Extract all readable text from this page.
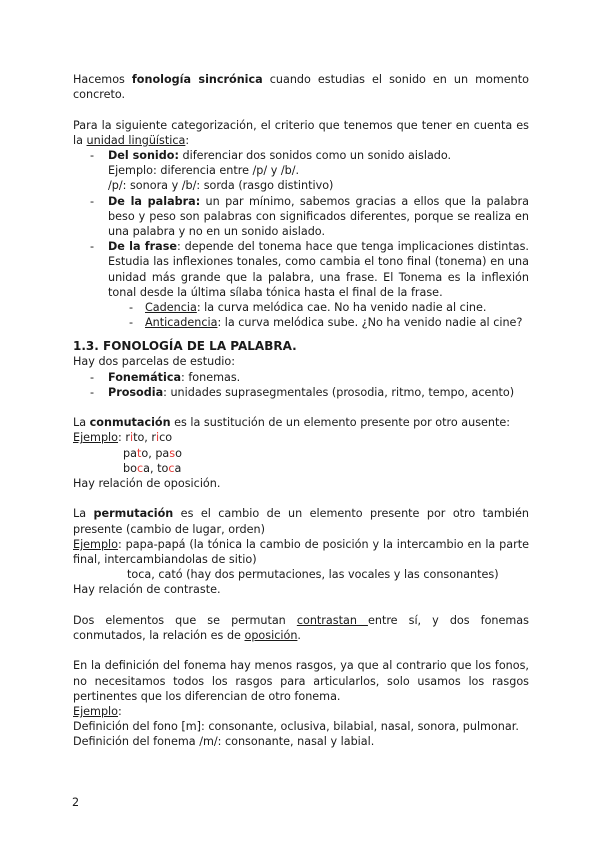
Hacemos fonología sincrónica cuando estudias el sonido en un momento concreto.

Para la siguiente categorización, el criterio que tenemos que tener en cuenta es la unidad lingüística:

- Del sonido: diferenciar dos sonidos como un sonido aislado.
Ejemplo: diferencia entre /p/ y /b/.
/p/: sonora y /b/: sorda (rasgo distintivo)
- De la palabra: un par mínimo, sabemos gracias a ellos que la palabra beso y peso son palabras con significados diferentes, porque se realiza en una palabra y no en un sonido aislado.
- De la frase: depende del tonema hace que tenga implicaciones distintas. Estudia las inflexiones tonales, como cambia el tono final (tonema) en una unidad más grande que la palabra, una frase. El Tonema es la inflexión tonal desde la última sílaba tónica hasta el final de la frase.
- Cadencia: la curva melódica cae. No ha venido nadie al cine.
- Anticadencia: la curva melódica sube. ¿No ha venido nadie al cine?
1.3. FONOLOGÍA DE LA PALABRA.

Hay dos parcelas de estudio:

- Fonemática: fonemas.
- Prosodia: unidades suprasegmentales (prosodia, ritmo, tempo, acento)

La conmutación es la sustitución de un elemento presente por otro ausente:

Ejemplo: rito, rico

pato, paso

boca, toca

Hay relación de oposición.

La permutación es el cambio de un elemento presente por otro también presente (cambio de lugar, orden)

Ejemplo: papa-papá (la tónica la cambio de posición y la intercambio en la parte final, intercambiandolas de sitio)

toca, cató (hay dos permutaciones, las vocales y las consonantes)

Hay relación de contraste.

Dos elementos que se permutan contrastan entre sí, y dos fonemas conmutados, la relación es de oposición.

En la definición del fonema hay menos rasgos, ya que al contrario que los fonos, no necesitamos todos los rasgos para articularlos, solo usamos los rasgos pertinentes que los diferencian de otro fonema.

Ejemplo:

Definición del fono [m]: consonante, oclusiva, bilabial, nasal, sonora, pulmonar.

Definición del fonema /m/: consonante, nasal y labial.

2
